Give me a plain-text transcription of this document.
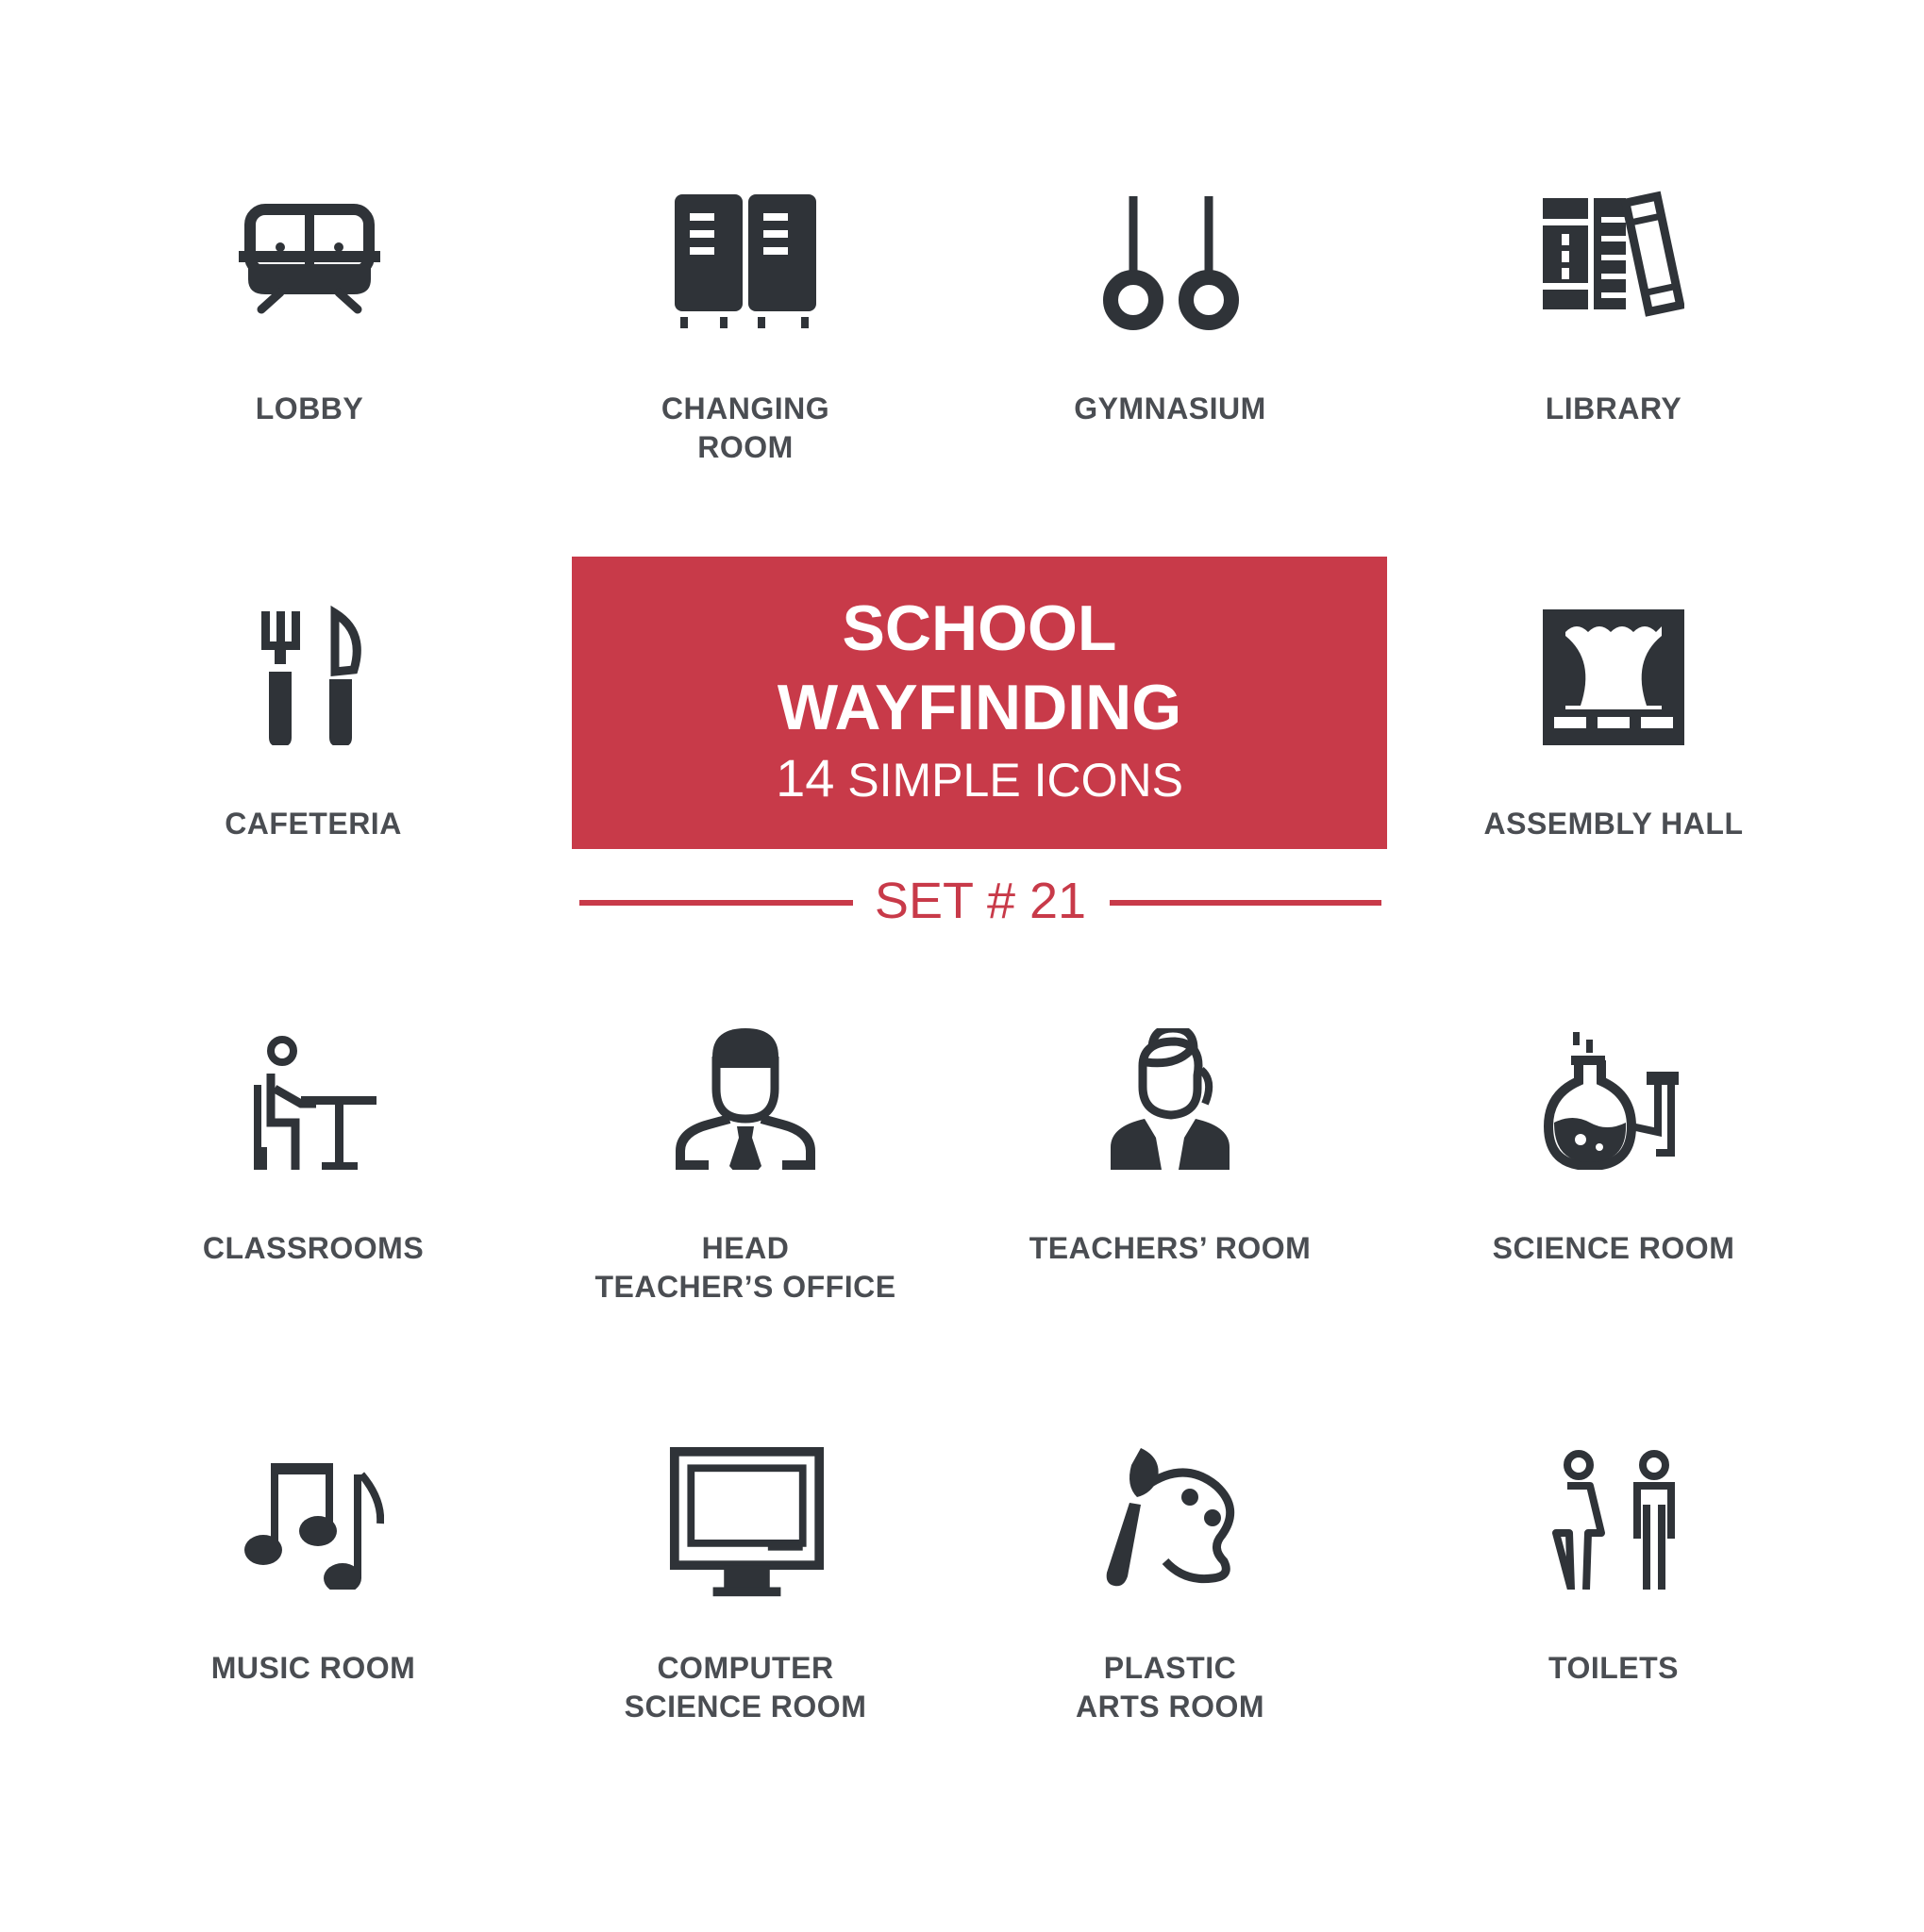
LOBBY	CHANGING
ROOM
GYMNASIUM	LIBRARY
CAFETERIA
SCHOOL
WAYFINDING
14 SIMPLE ICONS
SET # 21
ASSEMBLY HALL
CLASSROOMS	HEAD
TEACHER’S OFFICE
TEACHERS’ ROOM	SCIENCE ROOM
MUSIC ROOM	COMPUTER
SCIENCE ROOM
PLASTIC
ARTS ROOM
TOILETS
